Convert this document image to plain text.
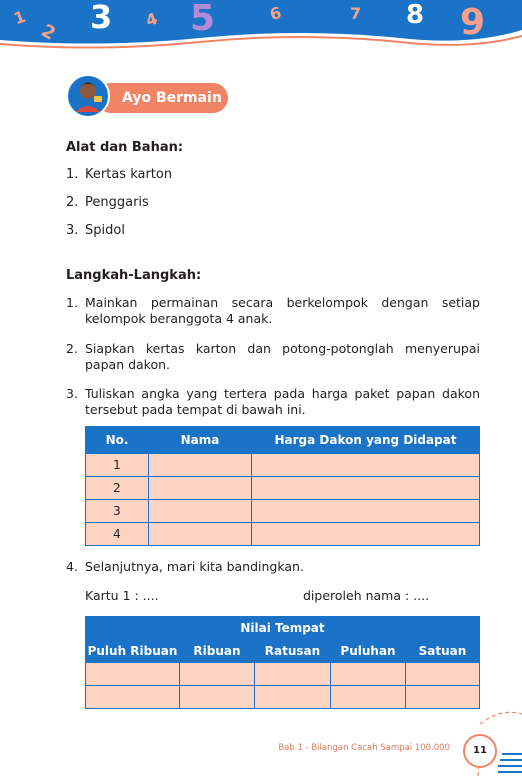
1
2 3 4 5	6	7 8 9
Ayo Bermain
Alat dan Bahan:
1. Kertas karton
2. Penggaris
3. Spidol
Langkah-Langkah:
1. Mainkan permainan secara berkelompok dengan setiap kelompok beranggota 4 anak.
2. Siapkan kertas karton dan potong-potonglah menyerupai papan dakon.
3. Tuliskan angka yang tertera pada harga paket papan dakon tersebut pada tempat di bawah ini.
No.	Nama	Harga Dakon yang Didapat
1		
2		
3		
4		
4. Selanjutnya, mari kita bandingkan.
Kartu 1 : ....	diperoleh nama : ....
Nilai Tempat				
Puluh Ribuan	Ribuan	Ratusan	Puluhan	Satuan

Bab 1 - Bilangan Cacah Sampai 100.000	11
